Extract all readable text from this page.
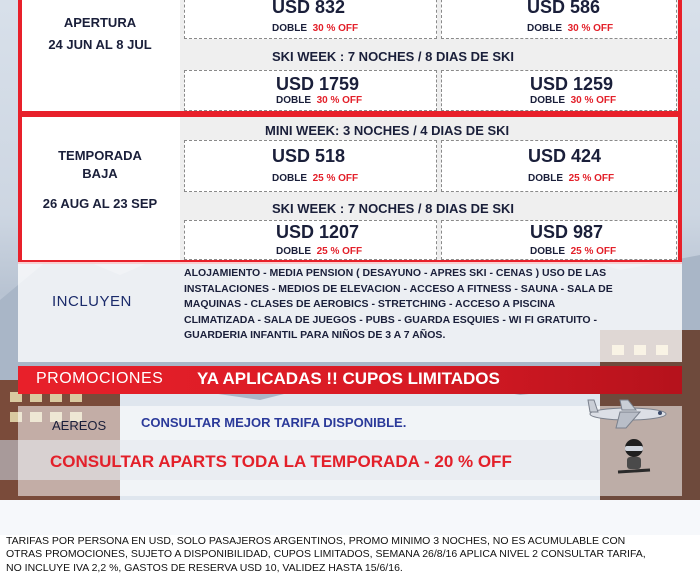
APERTURA
24 JUN AL 8 JUL
USD 832
DOBLE 30 % OFF
USD 586
DOBLE 30 % OFF
SKI WEEK : 7 NOCHES / 8 DIAS DE SKI
USD 1759
DOBLE 30 % OFF
USD 1259
DOBLE 30 % OFF
TEMPORADA
BAJA
26 AUG AL 23 SEP
MINI WEEK: 3 NOCHES / 4 DIAS DE SKI
USD 518
DOBLE 25 % OFF
USD 424
DOBLE 25 % OFF
SKI WEEK : 7 NOCHES / 8 DIAS DE SKI
USD 1207
DOBLE 25 % OFF
USD 987
DOBLE 25 % OFF
INCLUYEN
ALOJAMIENTO - MEDIA PENSION ( DESAYUNO - APRES SKI - CENAS ) USO DE LAS
INSTALACIONES - MEDIOS DE ELEVACION - ACCESO A FITNESS - SAUNA - SALA DE
MAQUINAS - CLASES DE AEROBICS - STRETCHING - ACCESO A PISCINA
CLIMATIZADA - SALA DE JUEGOS - PUBS - GUARDA ESQUIES - WI FI GRATUITO -
GUARDERIA INFANTIL PARA NIÑOS DE 3 A 7 AÑOS.
PROMOCIONES YA APLICADAS !! CUPOS LIMITADOS
AEREOS	CONSULTAR MEJOR TARIFA DISPONIBLE.
CONSULTAR APARTS TODA LA TEMPORADA - 20 % OFF
TARIFAS POR PERSONA EN USD, SOLO PASAJEROS ARGENTINOS, PROMO MINIMO 3 NOCHES, NO ES ACUMULABLE CON
OTRAS PROMOCIONES, SUJETO A DISPONIBILIDAD, CUPOS LIMITADOS, SEMANA 26/8/16 APLICA NIVEL 2 CONSULTAR TARIFA,
NO INCLUYE IVA 2,2 %, GASTOS DE RESERVA USD 10, VALIDEZ HASTA 15/6/16.
